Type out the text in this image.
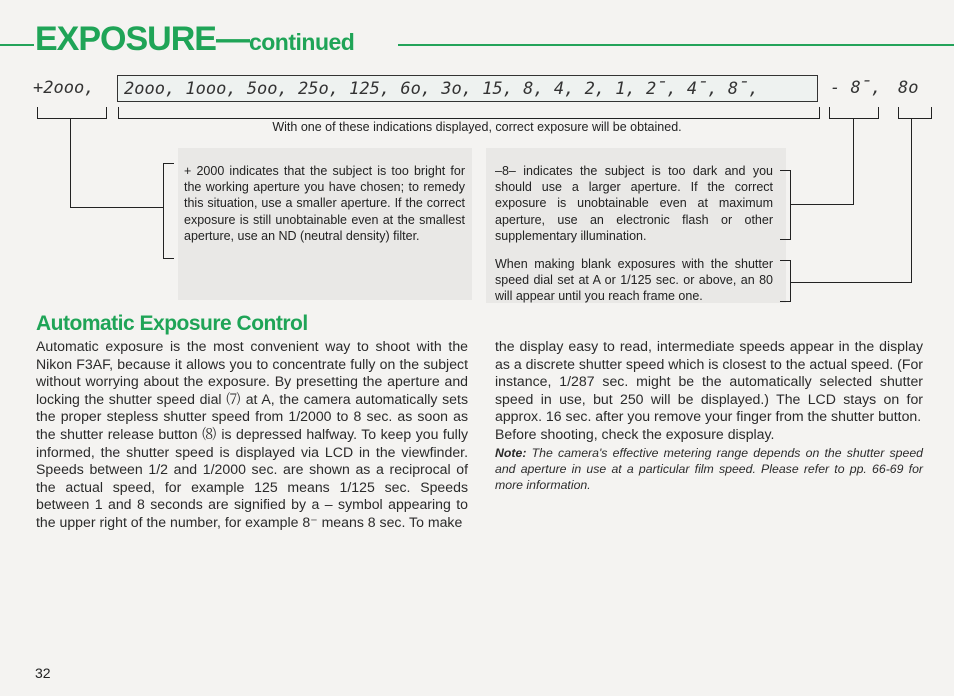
EXPOSURE—continued
+2ooo, 2ooo, 1ooo, 5oo, 25o, 125, 6o, 3o, 15, 8, 4, 2, 1, 2ˉ, 4ˉ, 8ˉ,	- 8ˉ, 8o
With one of these indications displayed, correct exposure will be obtained.
+ 2000 indicates that the subject is too bright for the working aperture you have chosen; to remedy this situation, use a smaller aperture. If the correct exposure is still unobtainable even at the smallest aperture, use an ND (neutral density) filter.
–8– indicates the subject is too dark and you should use a larger aperture. If the correct exposure is unobtainable even at maximum aperture, use an electronic flash or other supplementary illumination.
When making blank exposures with the shutter speed dial set at A or 1/125 sec. or above, an 80 will appear until you reach frame one.
Automatic Exposure Control

Automatic exposure is the most convenient way to shoot with the Nikon F3AF, because it allows you to concentrate fully on the subject without worrying about the exposure. By presetting the aperture and locking the shutter speed dial ⑺ at A, the camera automatically sets the proper stepless shutter speed from 1/2000 to 8 sec. as soon as the shutter release button ⑻ is depressed halfway. To keep you fully informed, the shutter speed is displayed via LCD in the viewfinder. Speeds between 1/2 and 1/2000 sec. are shown as a reciprocal of the actual speed, for example 125 means 1/125 sec. Speeds between 1 and 8 seconds are signified by a – symbol appearing to the upper right of the number, for example 8⁻ means 8 sec. To make

the display easy to read, intermediate speeds appear in the display as a discrete shutter speed which is closest to the actual speed. (For instance, 1/287 sec. might be the automatically selected shutter speed in use, but 250 will be displayed.) The LCD stays on for approx. 16 sec. after you remove your finger from the shutter button.

Before shooting, check the exposure display.

Note: The camera's effective metering range depends on the shutter speed and aperture in use at a particular film speed. Please refer to pp. 66-69 for more information.

32
